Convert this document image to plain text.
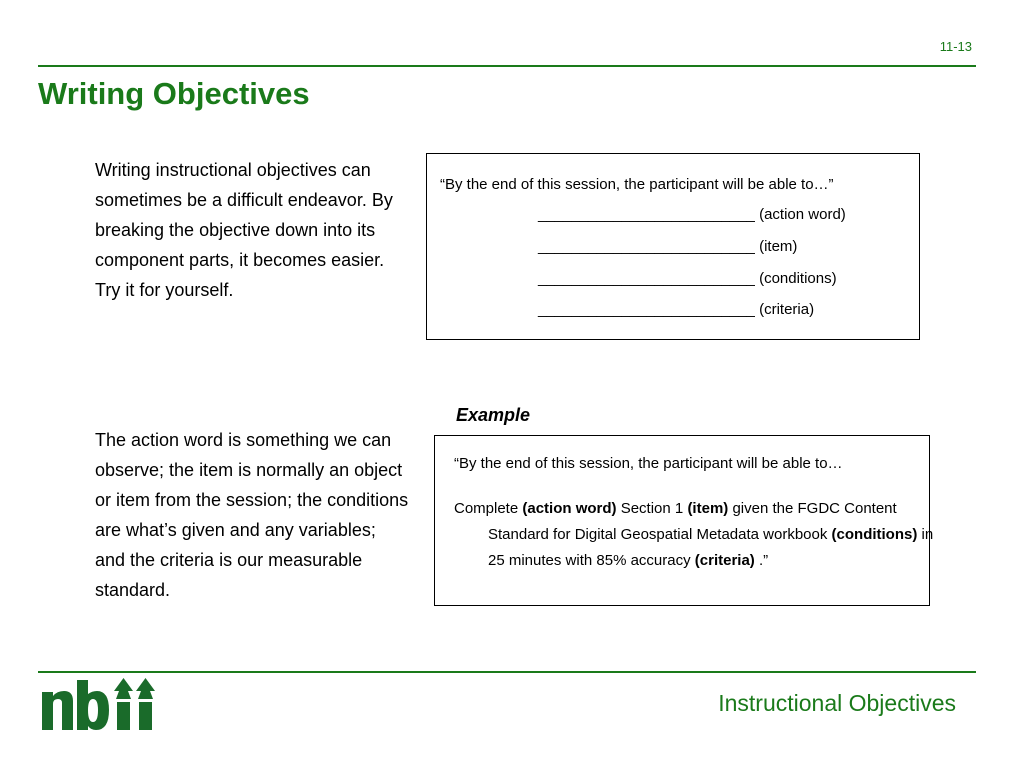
11-13
Writing Objectives
Writing instructional objectives can sometimes be a difficult endeavor. By breaking the objective down into its component parts, it becomes easier. Try it for yourself.
“By the end of this session, the participant will be able to…”
__________________________ (action word)
__________________________ (item)
__________________________ (conditions)
__________________________ (criteria)
Example
The action word is something we can observe; the item is normally an object or item from the session; the conditions are what’s given and any variables; and the criteria is our measurable standard.
“By the end of this session, the participant will be able to…
Complete (action word) Section 1 (item) given the FGDC Content Standard for Digital Geospatial Metadata workbook (conditions) in 25 minutes with 85% accuracy (criteria) .”
Instructional Objectives
